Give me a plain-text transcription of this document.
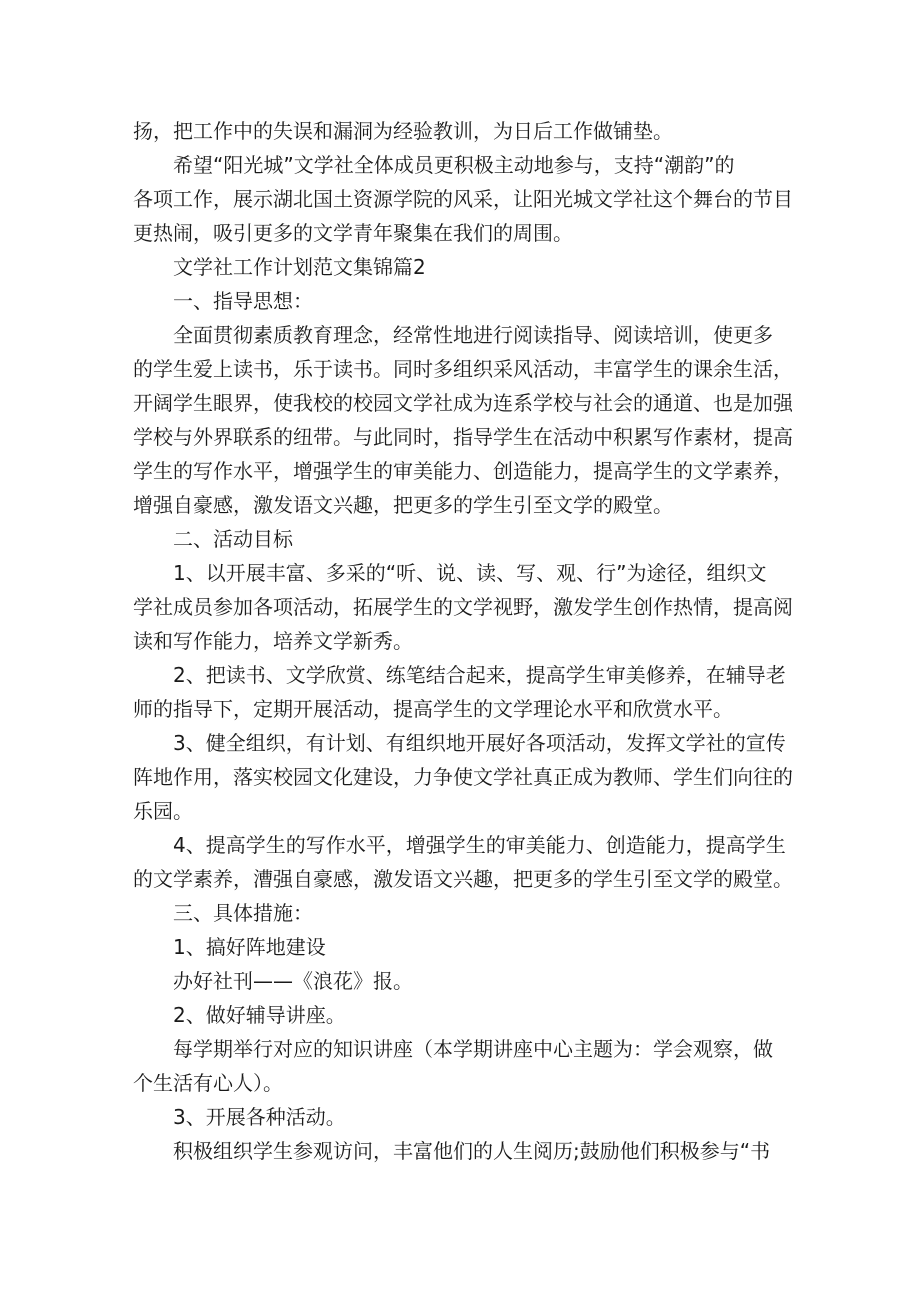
扬，把工作中的失误和漏洞为经验教训，为日后工作做铺垫。
希望“阳光城”文学社全体成员更积极主动地参与，支持“潮韵”的
各项工作，展示湖北国土资源学院的风采，让阳光城文学社这个舞台的节目
更热闹，吸引更多的文学青年聚集在我们的周围。
文学社工作计划范文集锦篇2
一、指导思想：
全面贯彻素质教育理念，经常性地进行阅读指导、阅读培训，使更多
的学生爱上读书，乐于读书。同时多组织采风活动，丰富学生的课余生活，
开阔学生眼界，使我校的校园文学社成为连系学校与社会的通道、也是加强
学校与外界联系的纽带。与此同时，指导学生在活动中积累写作素材，提高
学生的写作水平，增强学生的审美能力、创造能力，提高学生的文学素养，
增强自豪感，激发语文兴趣，把更多的学生引至文学的殿堂。
二、活动目标
1、以开展丰富、多采的“听、说、读、写、观、行”为途径，组织文
学社成员参加各项活动，拓展学生的文学视野，激发学生创作热情，提高阅
读和写作能力，培养文学新秀。
2、把读书、文学欣赏、练笔结合起来，提高学生审美修养，在辅导老
师的指导下，定期开展活动，提高学生的文学理论水平和欣赏水平。
3、健全组织，有计划、有组织地开展好各项活动，发挥文学社的宣传
阵地作用，落实校园文化建设，力争使文学社真正成为教师、学生们向往的
乐园。
4、提高学生的写作水平，增强学生的审美能力、创造能力，提高学生
的文学素养，漕强自豪感，激发语文兴趣，把更多的学生引至文学的殿堂。
三、具体措施：
1、搞好阵地建设
办好社刊——《浪花》报。
2、做好辅导讲座。
每学期举行对应的知识讲座（本学期讲座中心主题为：学会观察，做
个生活有心人）。
3、开展各种活动。
积极组织学生参观访问，丰富他们的人生阅历;鼓励他们积极参与“书
